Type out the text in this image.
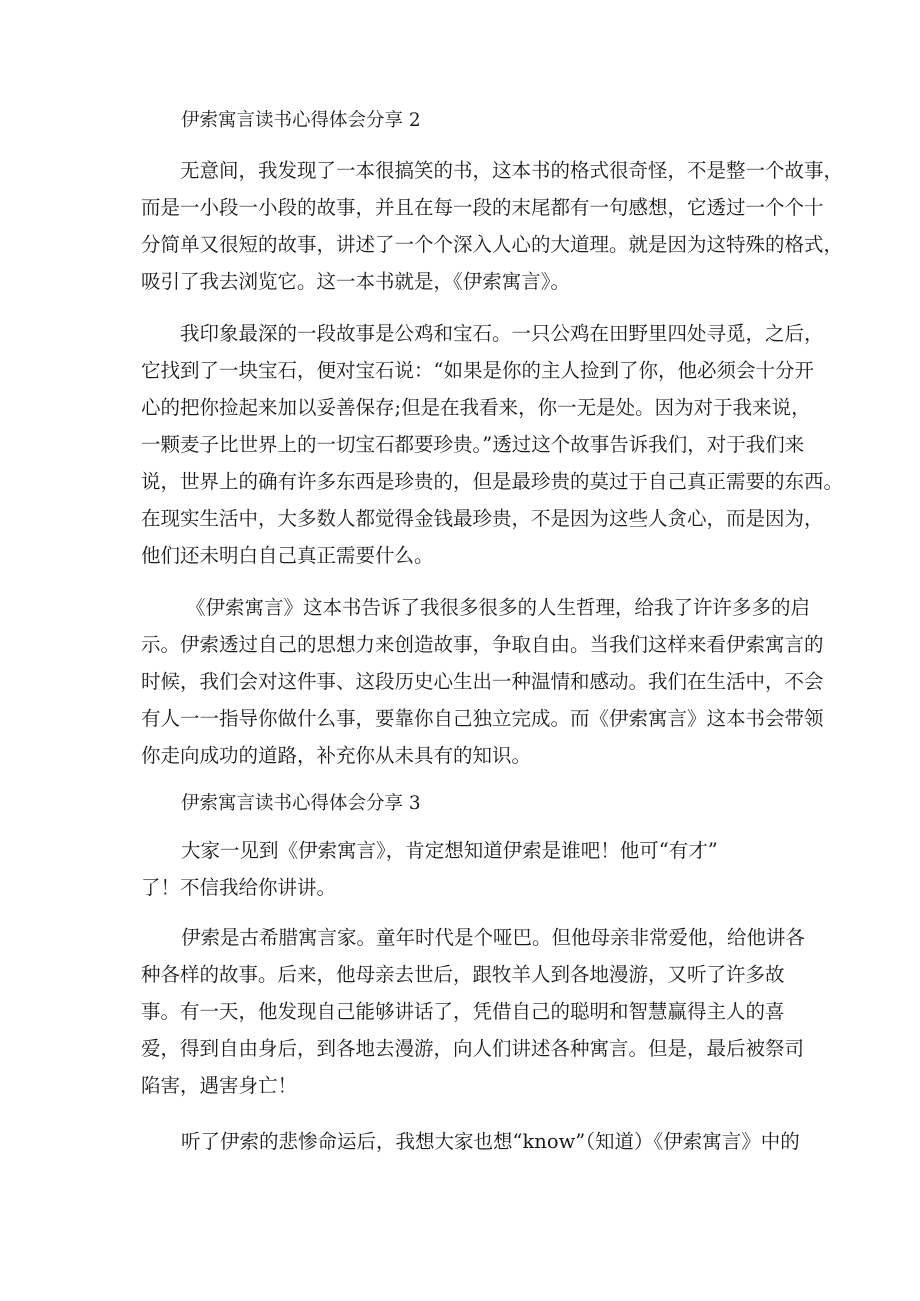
伊索寓言读书心得体会分享 2

无意间，我发现了一本很搞笑的书，这本书的格式很奇怪，不是整一个故事，

而是一小段一小段的故事，并且在每一段的末尾都有一句感想，它透过一个个十

分简单又很短的故事，讲述了一个个深入人心的大道理。就是因为这特殊的格式，

吸引了我去浏览它。这一本书就是，《伊索寓言》。

我印象最深的一段故事是公鸡和宝石。一只公鸡在田野里四处寻觅，之后，

它找到了一块宝石，便对宝石说：“如果是你的主人捡到了你，他必须会十分开

心的把你捡起来加以妥善保存;但是在我看来，你一无是处。因为对于我来说，

一颗麦子比世界上的一切宝石都要珍贵。”透过这个故事告诉我们，对于我们来

说，世界上的确有许多东西是珍贵的，但是最珍贵的莫过于自己真正需要的东西。

在现实生活中，大多数人都觉得金钱最珍贵，不是因为这些人贪心，而是因为，

他们还未明白自己真正需要什么。

《伊索寓言》这本书告诉了我很多很多的人生哲理，给我了许许多多的启

示。伊索透过自己的思想力来创造故事，争取自由。当我们这样来看伊索寓言的

时候，我们会对这件事、这段历史心生出一种温情和感动。我们在生活中，不会

有人一一指导你做什么事，要靠你自己独立完成。而《伊索寓言》这本书会带领

你走向成功的道路，补充你从未具有的知识。

伊索寓言读书心得体会分享 3

大家一见到《伊索寓言》，肯定想知道伊索是谁吧！他可“有才”

了！不信我给你讲讲。

伊索是古希腊寓言家。童年时代是个哑巴。但他母亲非常爱他，给他讲各

种各样的故事。后来，他母亲去世后，跟牧羊人到各地漫游，又听了许多故

事。有一天，他发现自己能够讲话了，凭借自己的聪明和智慧赢得主人的喜

爱，得到自由身后，到各地去漫游，向人们讲述各种寓言。但是，最后被祭司

陷害，遇害身亡！

听了伊索的悲惨命运后，我想大家也想“know”（知道）《伊索寓言》中的
